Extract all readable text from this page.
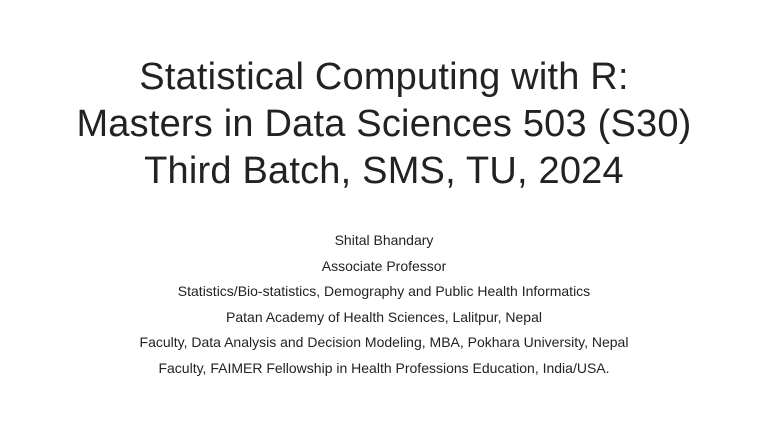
Statistical Computing with R:
Masters in Data Sciences 503 (S30)
Third Batch, SMS, TU, 2024
Shital Bhandary
Associate Professor
Statistics/Bio-statistics, Demography and Public Health Informatics
Patan Academy of Health Sciences, Lalitpur, Nepal
Faculty, Data Analysis and Decision Modeling, MBA, Pokhara University, Nepal
Faculty, FAIMER Fellowship in Health Professions Education, India/USA.
